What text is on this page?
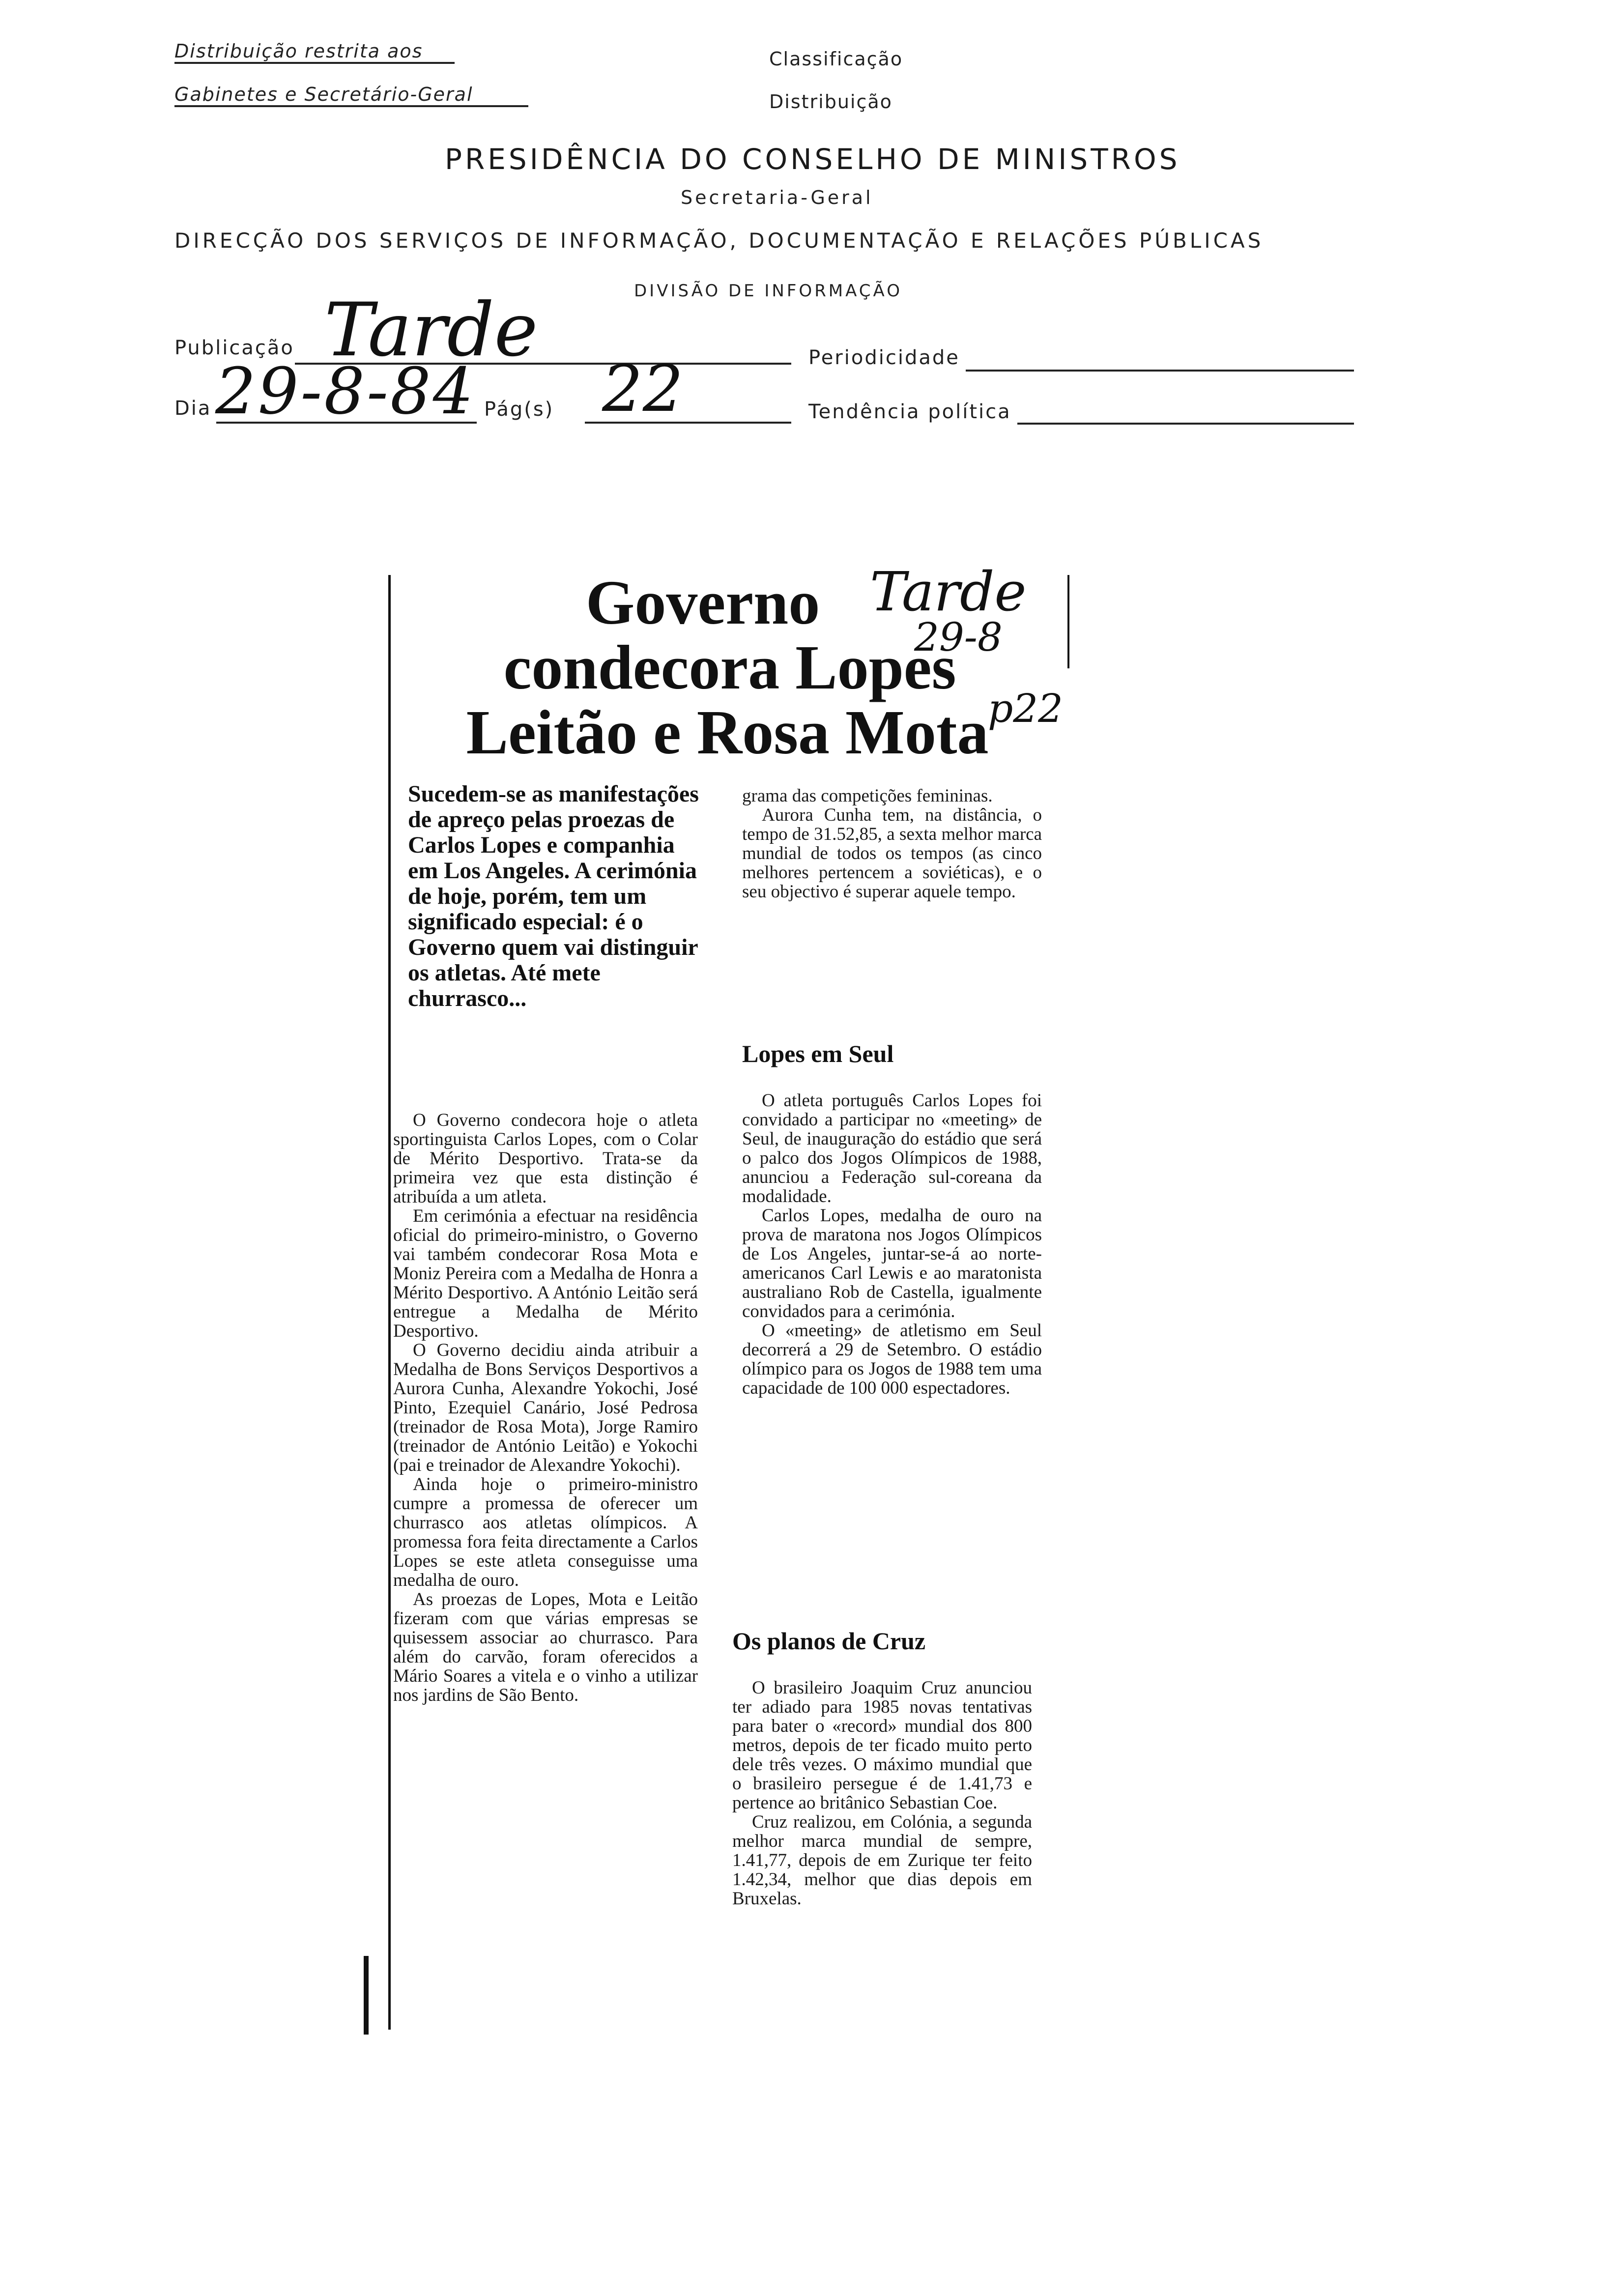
Distribuição restrita aos
Gabinetes e Secretário-Geral
Classificação
Distribuição
PRESIDÊNCIA DO CONSELHO DE MINISTROS
Secretaria-Geral
DIRECÇÃO DOS SERVIÇOS DE INFORMAÇÃO, DOCUMENTAÇÃO E RELAÇÕES PÚBLICAS
DIVISÃO DE INFORMAÇÃO
Publicação Tarde	Periodicidade
Dia 29-8-84 Pág(s) 22	Tendência política
Governo
condecora Lopes
Leitão e Rosa Mota
Tarde
29-8
p22
Sucedem-se as manifestações de apreço pelas proezas de Carlos Lopes e companhia em Los Angeles. A cerimónia de hoje, porém, tem um significado especial: é o Governo quem vai distinguir os atletas. Até mete churrasco...

O Governo condecora hoje o atleta sportinguista Carlos Lopes, com o Colar de Mérito Desportivo. Trata-se da primeira vez que esta distinção é atribuída a um atleta.

Em cerimónia a efectuar na residência oficial do primeiro-ministro, o Governo vai também condecorar Rosa Mota e Moniz Pereira com a Medalha de Honra a Mérito Desportivo. A António Leitão será entregue a Medalha de Mérito Desportivo.

O Governo decidiu ainda atribuir a Medalha de Bons Serviços Desportivos a Aurora Cunha, Alexandre Yokochi, José Pinto, Ezequiel Canário, José Pedrosa (treinador de Rosa Mota), Jorge Ramiro (treinador de António Leitão) e Yokochi (pai e treinador de Alexandre Yokochi).

Ainda hoje o primeiro-ministro cumpre a promessa de oferecer um churrasco aos atletas olímpicos. A promessa fora feita directamente a Carlos Lopes se este atleta conseguisse uma medalha de ouro.

As proezas de Lopes, Mota e Leitão fizeram com que várias empresas se quisessem associar ao churrasco. Para além do carvão, foram oferecidos a Mário Soares a vitela e o vinho a utilizar nos jardins de São Bento.

grama das competições femininas.

Aurora Cunha tem, na distância, o tempo de 31.52,85, a sexta melhor marca mundial de todos os tempos (as cinco melhores pertencem a soviéticas), e o seu objectivo é superar aquele tempo.

Lopes em Seul

O atleta português Carlos Lopes foi convidado a participar no «meeting» de Seul, de inauguração do estádio que será o palco dos Jogos Olímpicos de 1988, anunciou a Federação sul-coreana da modalidade.

Carlos Lopes, medalha de ouro na prova de maratona nos Jogos Olímpicos de Los Angeles, juntar-se-á ao norte-americanos Carl Lewis e ao maratonista australiano Rob de Castella, igualmente convidados para a cerimónia.

O «meeting» de atletismo em Seul decorrerá a 29 de Setembro. O estádio olímpico para os Jogos de 1988 tem uma capacidade de 100 000 espectadores.

Os planos de Cruz

O brasileiro Joaquim Cruz anunciou ter adiado para 1985 novas tentativas para bater o «record» mundial dos 800 metros, depois de ter ficado muito perto dele três vezes. O máximo mundial que o brasileiro persegue é de 1.41,73 e pertence ao britânico Sebastian Coe.

Cruz realizou, em Colónia, a segunda melhor marca mundial de sempre, 1.41,77, depois de em Zurique ter feito 1.42,34, melhor que dias depois em Bruxelas.
